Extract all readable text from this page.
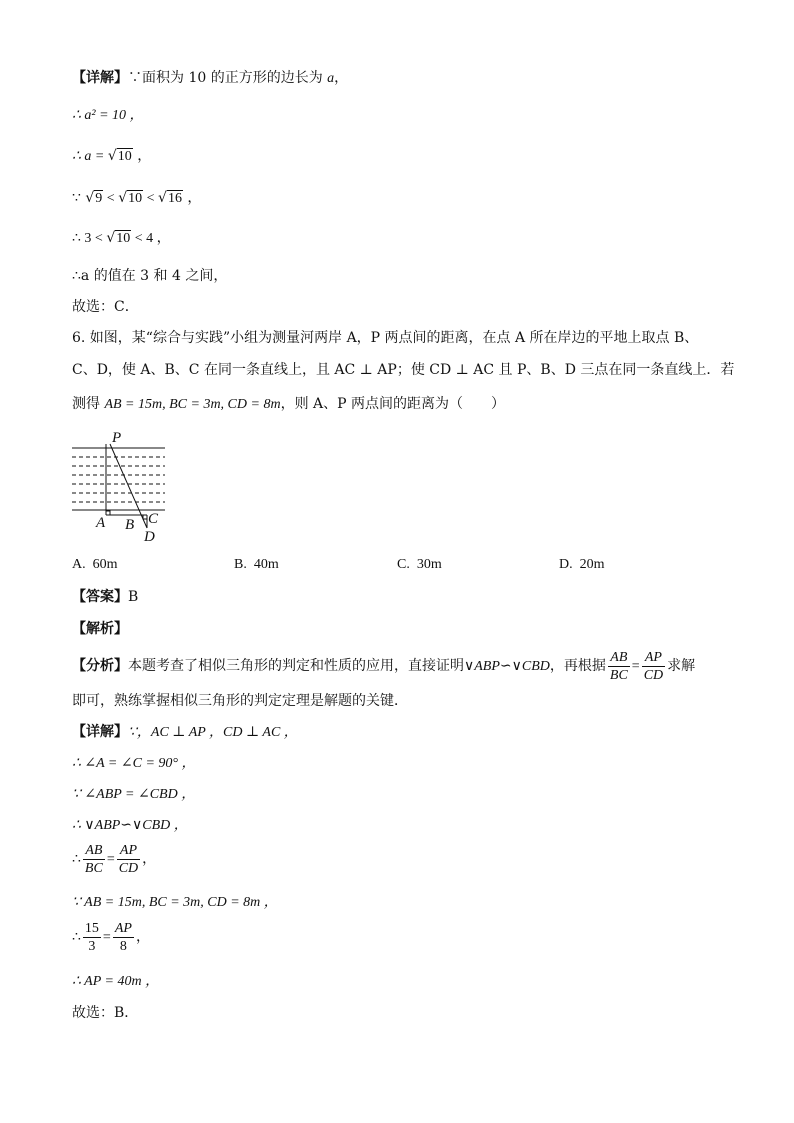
【详解】∵面积为 10 的正方形的边长为 a，
∴ a² = 10 ，
∴ a = √10 ，
∵ √9 < √10 < √16 ，
∴ 3 < √10 < 4 ，
∴a 的值在 3 和 4 之间，
故选：C．
6. 如图，某“综合与实践”小组为测量河两岸 A，P 两点间的距离，在点 A 所在岸边的平地上取点 B、
C、D，使 A、B、C 在同一条直线上，且 AC ⊥ AP；使 CD ⊥ AC 且 P、B、D 三点在同一条直线上．若
测得 AB = 15m, BC = 3m, CD = 8m，则 A、P 两点间的距离为（　　）
P
A B C
D
A. 60m	B. 40m	C. 30m	D. 20m
【答案】B
【解析】
【分析】本题考查了相似三角形的判定和性质的应用，直接证明∨ABP∽∨CBD，再根据 $\frac{AB}{BC} = \frac{AP}{CD}$ 求解
即可，熟练掌握相似三角形的判定定理是解题的关键．
【详解】∵，AC ⊥ AP ，CD ⊥ AC ，
∴ ∠A = ∠C = 90° ，
∵ ∠ABP = ∠CBD ，
∴ ∨ABP∽∨CBD ，
∴ $\frac{AB}{BC} = \frac{AP}{CD}$ ，
∵ AB = 15m, BC = 3m, CD = 8m ，
∴ $\frac{15}{3} = \frac{AP}{8}$ ，
∴ AP = 40m ，
故选：B．
